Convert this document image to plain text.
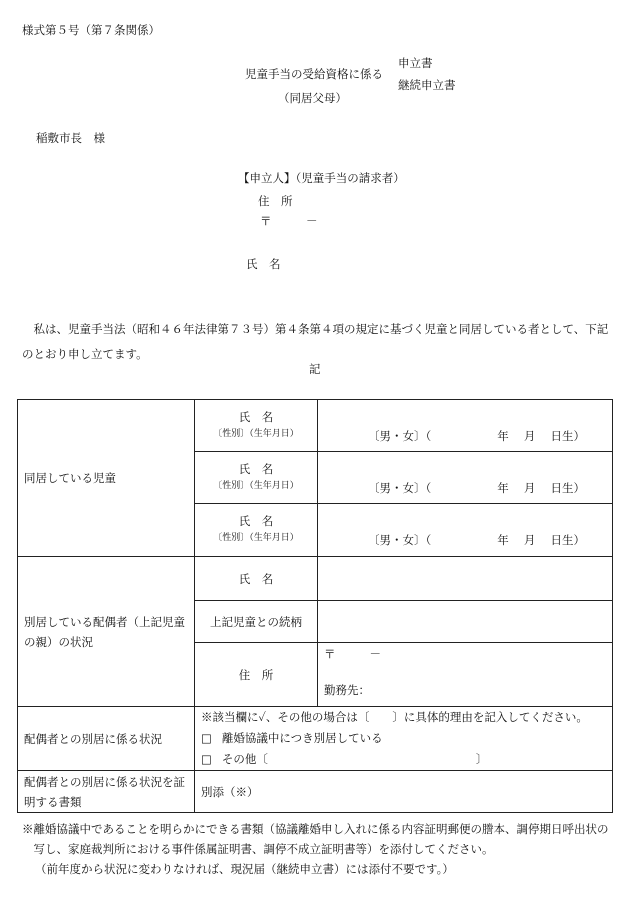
様式第５号（第７条関係）
児童手当の受給資格に係る
申立書
継続申立書
（同居父母）
稲敷市長　様
【申立人】（児童手当の請求者）
住　所
〒	－
氏　名
私は、児童手当法（昭和４６年法律第７３号）第４条第４項の規定に基づく児童と同居している者として、下記のとおり申し立てます。
記
同居している児童	氏　名
〔性別〕（生年月日）	〔男・女〕（ 年　 月　 日生）

	氏　名
〔性別〕（生年月日）	〔男・女〕（ 年　 月　 日生）

	氏　名
〔性別〕（生年月日）	〔男・女〕（ 年　 月　 日生）

別居している配偶者（上記児童の親）の状況	氏　名	
	上記児童との続柄	
	住　所	〒 －
勤務先：

配偶者との別居に係る状況	※該当欄に✓、その他の場合は〔　　〕に具体的理由を記入してください。
□ 離婚協議中につき別居している
□ その他〔 〕	

配偶者との別居に係る状況を証明する書類	別添（※）	
※離婚協議中であることを明らかにできる書類（協議離婚申し入れに係る内容証明郵便の謄本、調停期日呼出状の写し、家庭裁判所における事件係属証明書、調停不成立証明書等）を添付してください。
（前年度から状況に変わりなければ、現況届（継続申立書）には添付不要です。）
